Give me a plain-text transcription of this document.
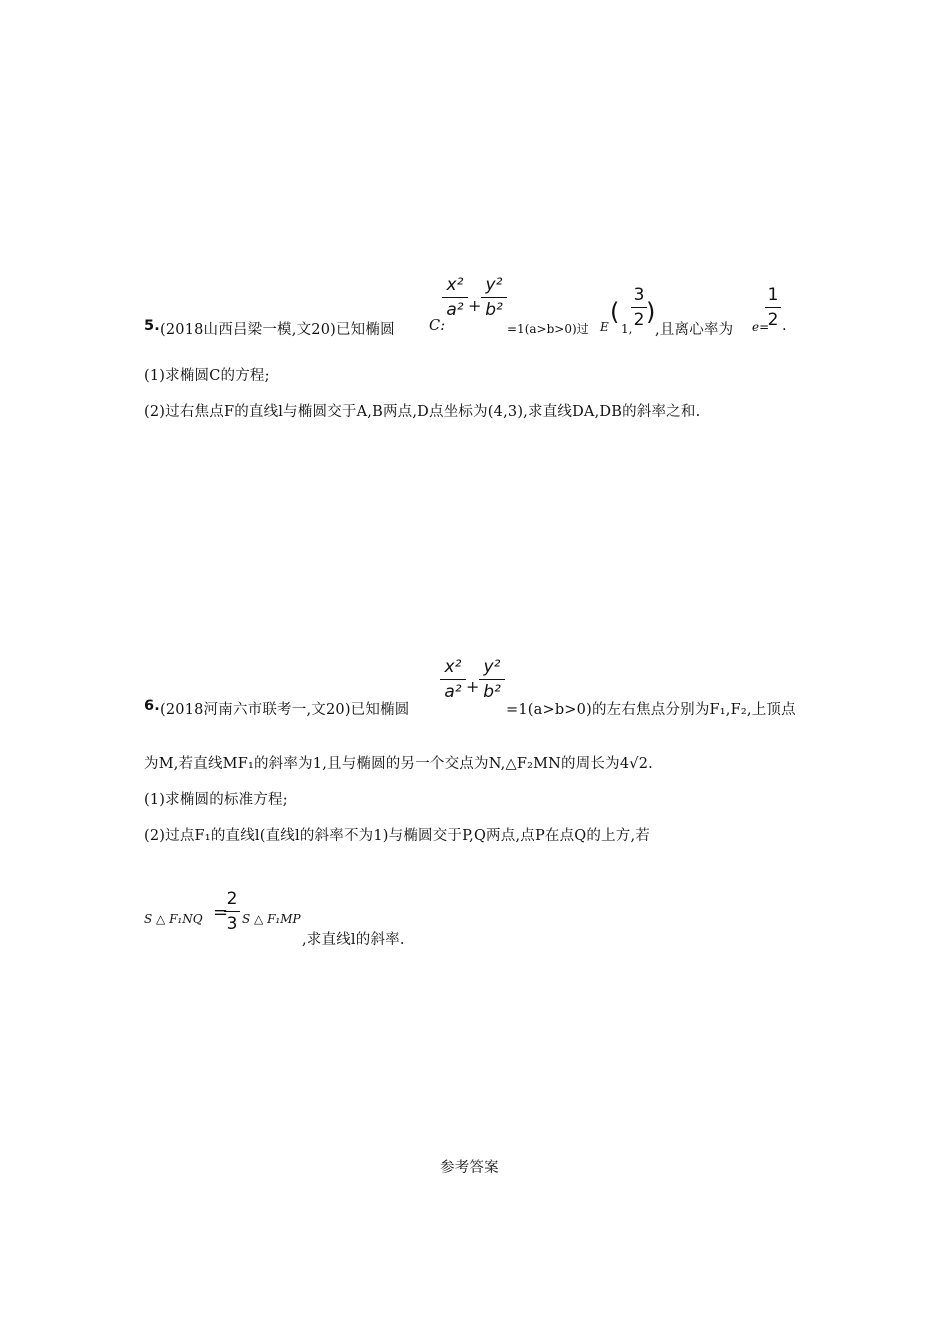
x²
a² +
y²
b²	(
3
2 )
1
2
5. (2018山西吕梁一模,文20)已知椭圆 C:	=1(a>b>0)过 E 1, ,且离心率为 e= .
(1)求椭圆C的方程;
(2)过右焦点F的直线l与椭圆交于A,B两点,D点坐标为(4,3),求直线DA,DB的斜率之和.
x²
a² +
y²
b²
6. (2018河南六市联考一,文20)已知椭圆	=1(a>b>0)的左右焦点分别为F₁,F₂,上顶点
为M,若直线MF₁的斜率为1,且与椭圆的另一个交点为N,△F₂MN的周长为4√2.
(1)求椭圆的标准方程;
(2)过点F₁的直线l(直线l的斜率不为1)与椭圆交于P,Q两点,点P在点Q的上方,若
S △ F₁NQ =
2
3 S △ F₁MP
,求直线l的斜率.
参考答案
